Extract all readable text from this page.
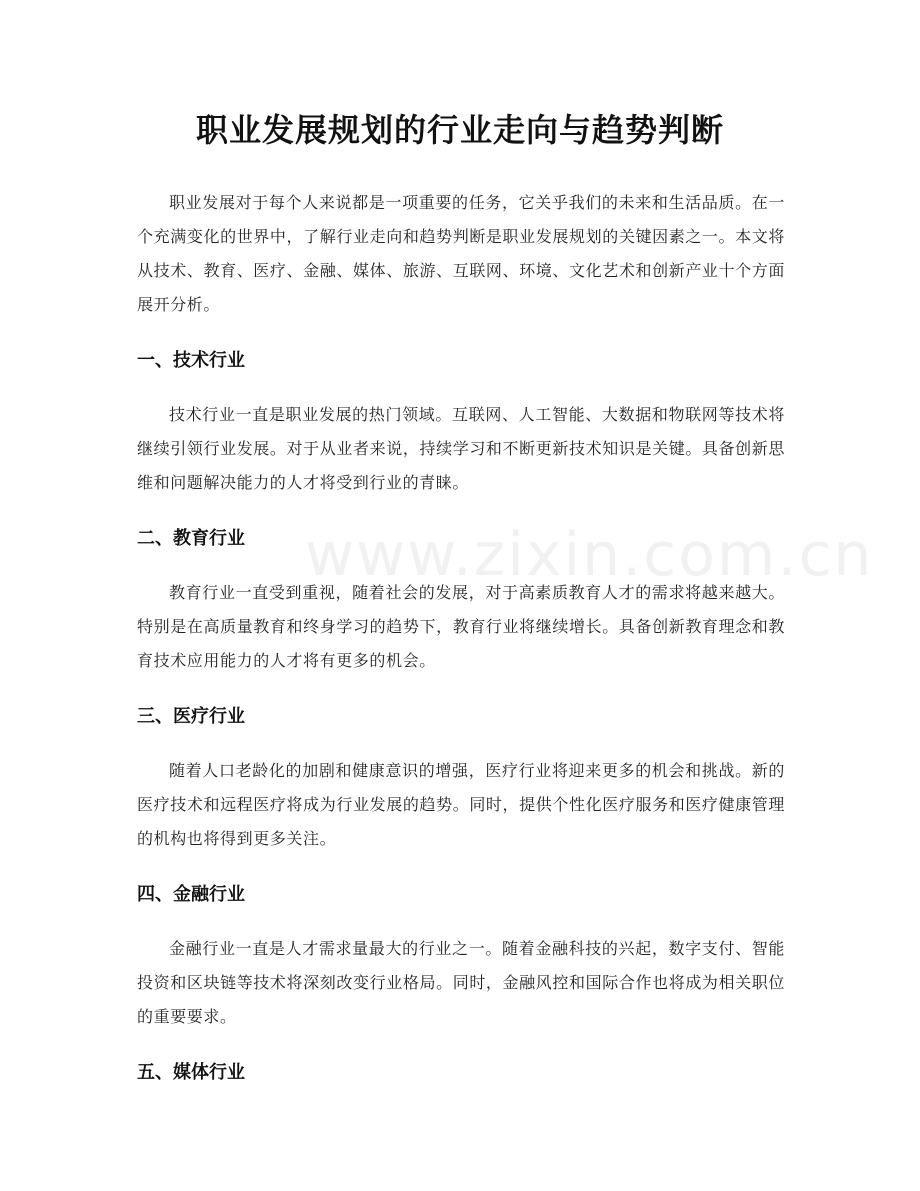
职业发展规划的行业走向与趋势判断

职业发展对于每个人来说都是一项重要的任务，它关乎我们的未来和生活品质。在一个充满变化的世界中，了解行业走向和趋势判断是职业发展规划的关键因素之一。本文将从技术、教育、医疗、金融、媒体、旅游、互联网、环境、文化艺术和创新产业十个方面展开分析。

一、技术行业

技术行业一直是职业发展的热门领域。互联网、人工智能、大数据和物联网等技术将继续引领行业发展。对于从业者来说，持续学习和不断更新技术知识是关键。具备创新思维和问题解决能力的人才将受到行业的青睐。

二、教育行业

教育行业一直受到重视，随着社会的发展，对于高素质教育人才的需求将越来越大。特别是在高质量教育和终身学习的趋势下，教育行业将继续增长。具备创新教育理念和教育技术应用能力的人才将有更多的机会。

三、医疗行业

随着人口老龄化的加剧和健康意识的增强，医疗行业将迎来更多的机会和挑战。新的医疗技术和远程医疗将成为行业发展的趋势。同时，提供个性化医疗服务和医疗健康管理的机构也将得到更多关注。

四、金融行业

金融行业一直是人才需求量最大的行业之一。随着金融科技的兴起，数字支付、智能投资和区块链等技术将深刻改变行业格局。同时，金融风控和国际合作也将成为相关职位的重要要求。

五、媒体行业
www.zixin.com.cn
